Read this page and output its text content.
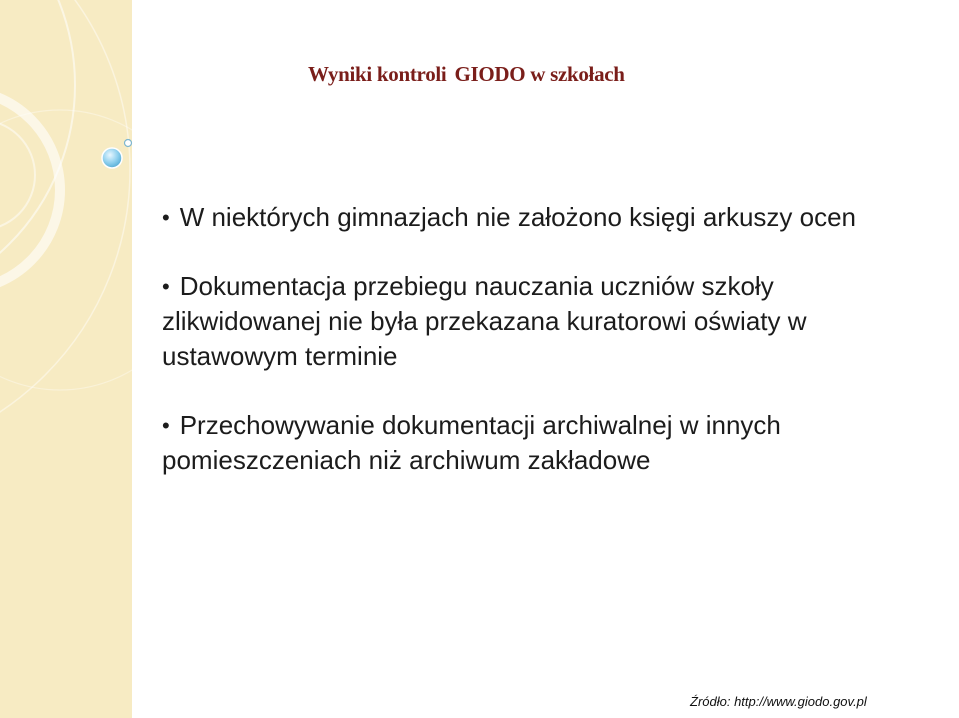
Wyniki kontroli GIODO w szkołach
• W niektórych gimnazjach nie założono księgi arkuszy ocen
• Dokumentacja przebiegu nauczania uczniów szkoły zlikwidowanej nie była przekazana kuratorowi oświaty w ustawowym terminie
• Przechowywanie dokumentacji archiwalnej w innych pomieszczeniach niż archiwum zakładowe
Źródło: http://www.giodo.gov.pl
